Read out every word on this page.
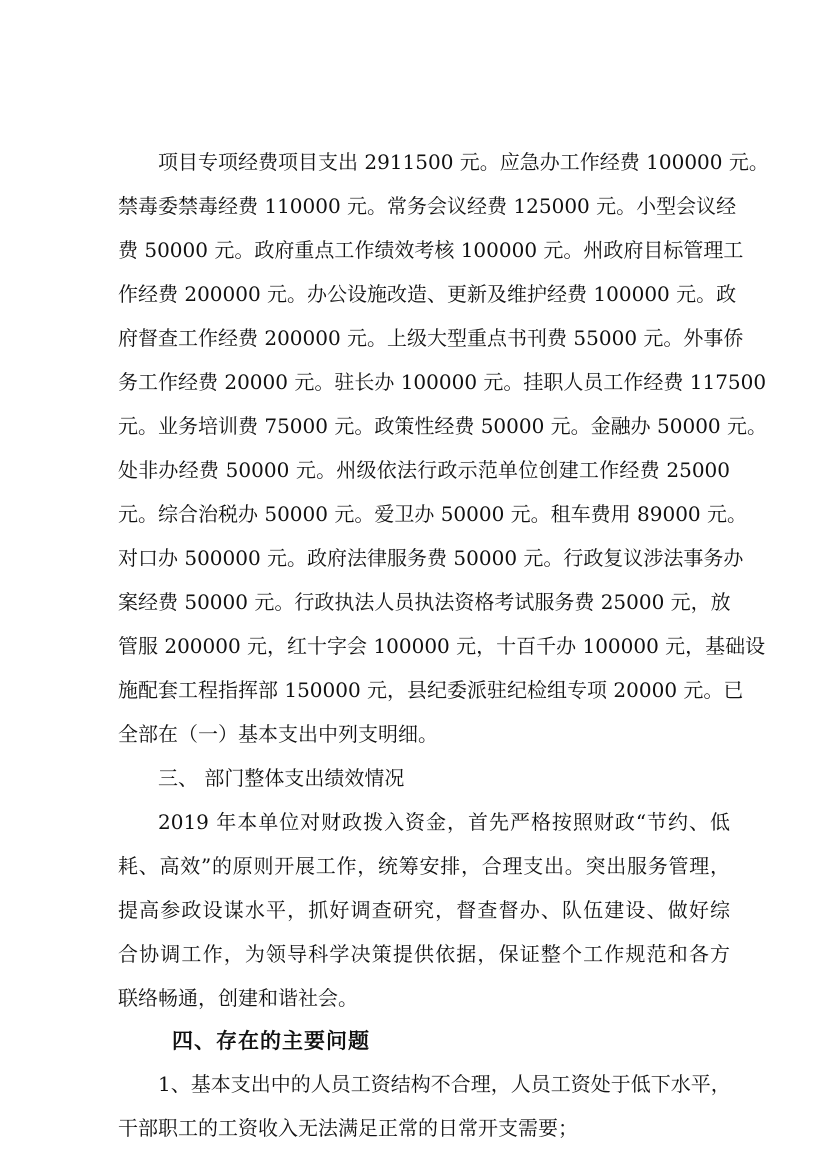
项目专项经费项目支出 2911500 元。应急办工作经费 100000 元。
禁毒委禁毒经费 110000 元。常务会议经费 125000 元。小型会议经
费 50000 元。政府重点工作绩效考核 100000 元。州政府目标管理工
作经费 200000 元。办公设施改造、更新及维护经费 100000 元。政
府督查工作经费 200000 元。上级大型重点书刊费 55000 元。外事侨
务工作经费 20000 元。驻长办 100000 元。挂职人员工作经费 117500
元。业务培训费 75000 元。政策性经费 50000 元。金融办 50000 元。
处非办经费 50000 元。州级依法行政示范单位创建工作经费 25000
元。综合治税办 50000 元。爱卫办 50000 元。租车费用 89000 元。
对口办 500000 元。政府法律服务费 50000 元。行政复议涉法事务办
案经费 50000 元。行政执法人员执法资格考试服务费 25000 元，放
管服 200000 元，红十字会 100000 元，十百千办 100000 元，基础设
施配套工程指挥部 150000 元，县纪委派驻纪检组专项 20000 元。已
全部在（一）基本支出中列支明细。
三、 部门整体支出绩效情况
2019 年本单位对财政拨入资金，首先严格按照财政“节约、低
耗、高效”的原则开展工作，统筹安排，合理支出。突出服务管理，
提高参政设谋水平，抓好调查研究，督查督办、队伍建设、做好综
合协调工作，为领导科学决策提供依据，保证整个工作规范和各方
联络畅通，创建和谐社会。
四、存在的主要问题
1、基本支出中的人员工资结构不合理，人员工资处于低下水平，
干部职工的工资收入无法满足正常的日常开支需要；
